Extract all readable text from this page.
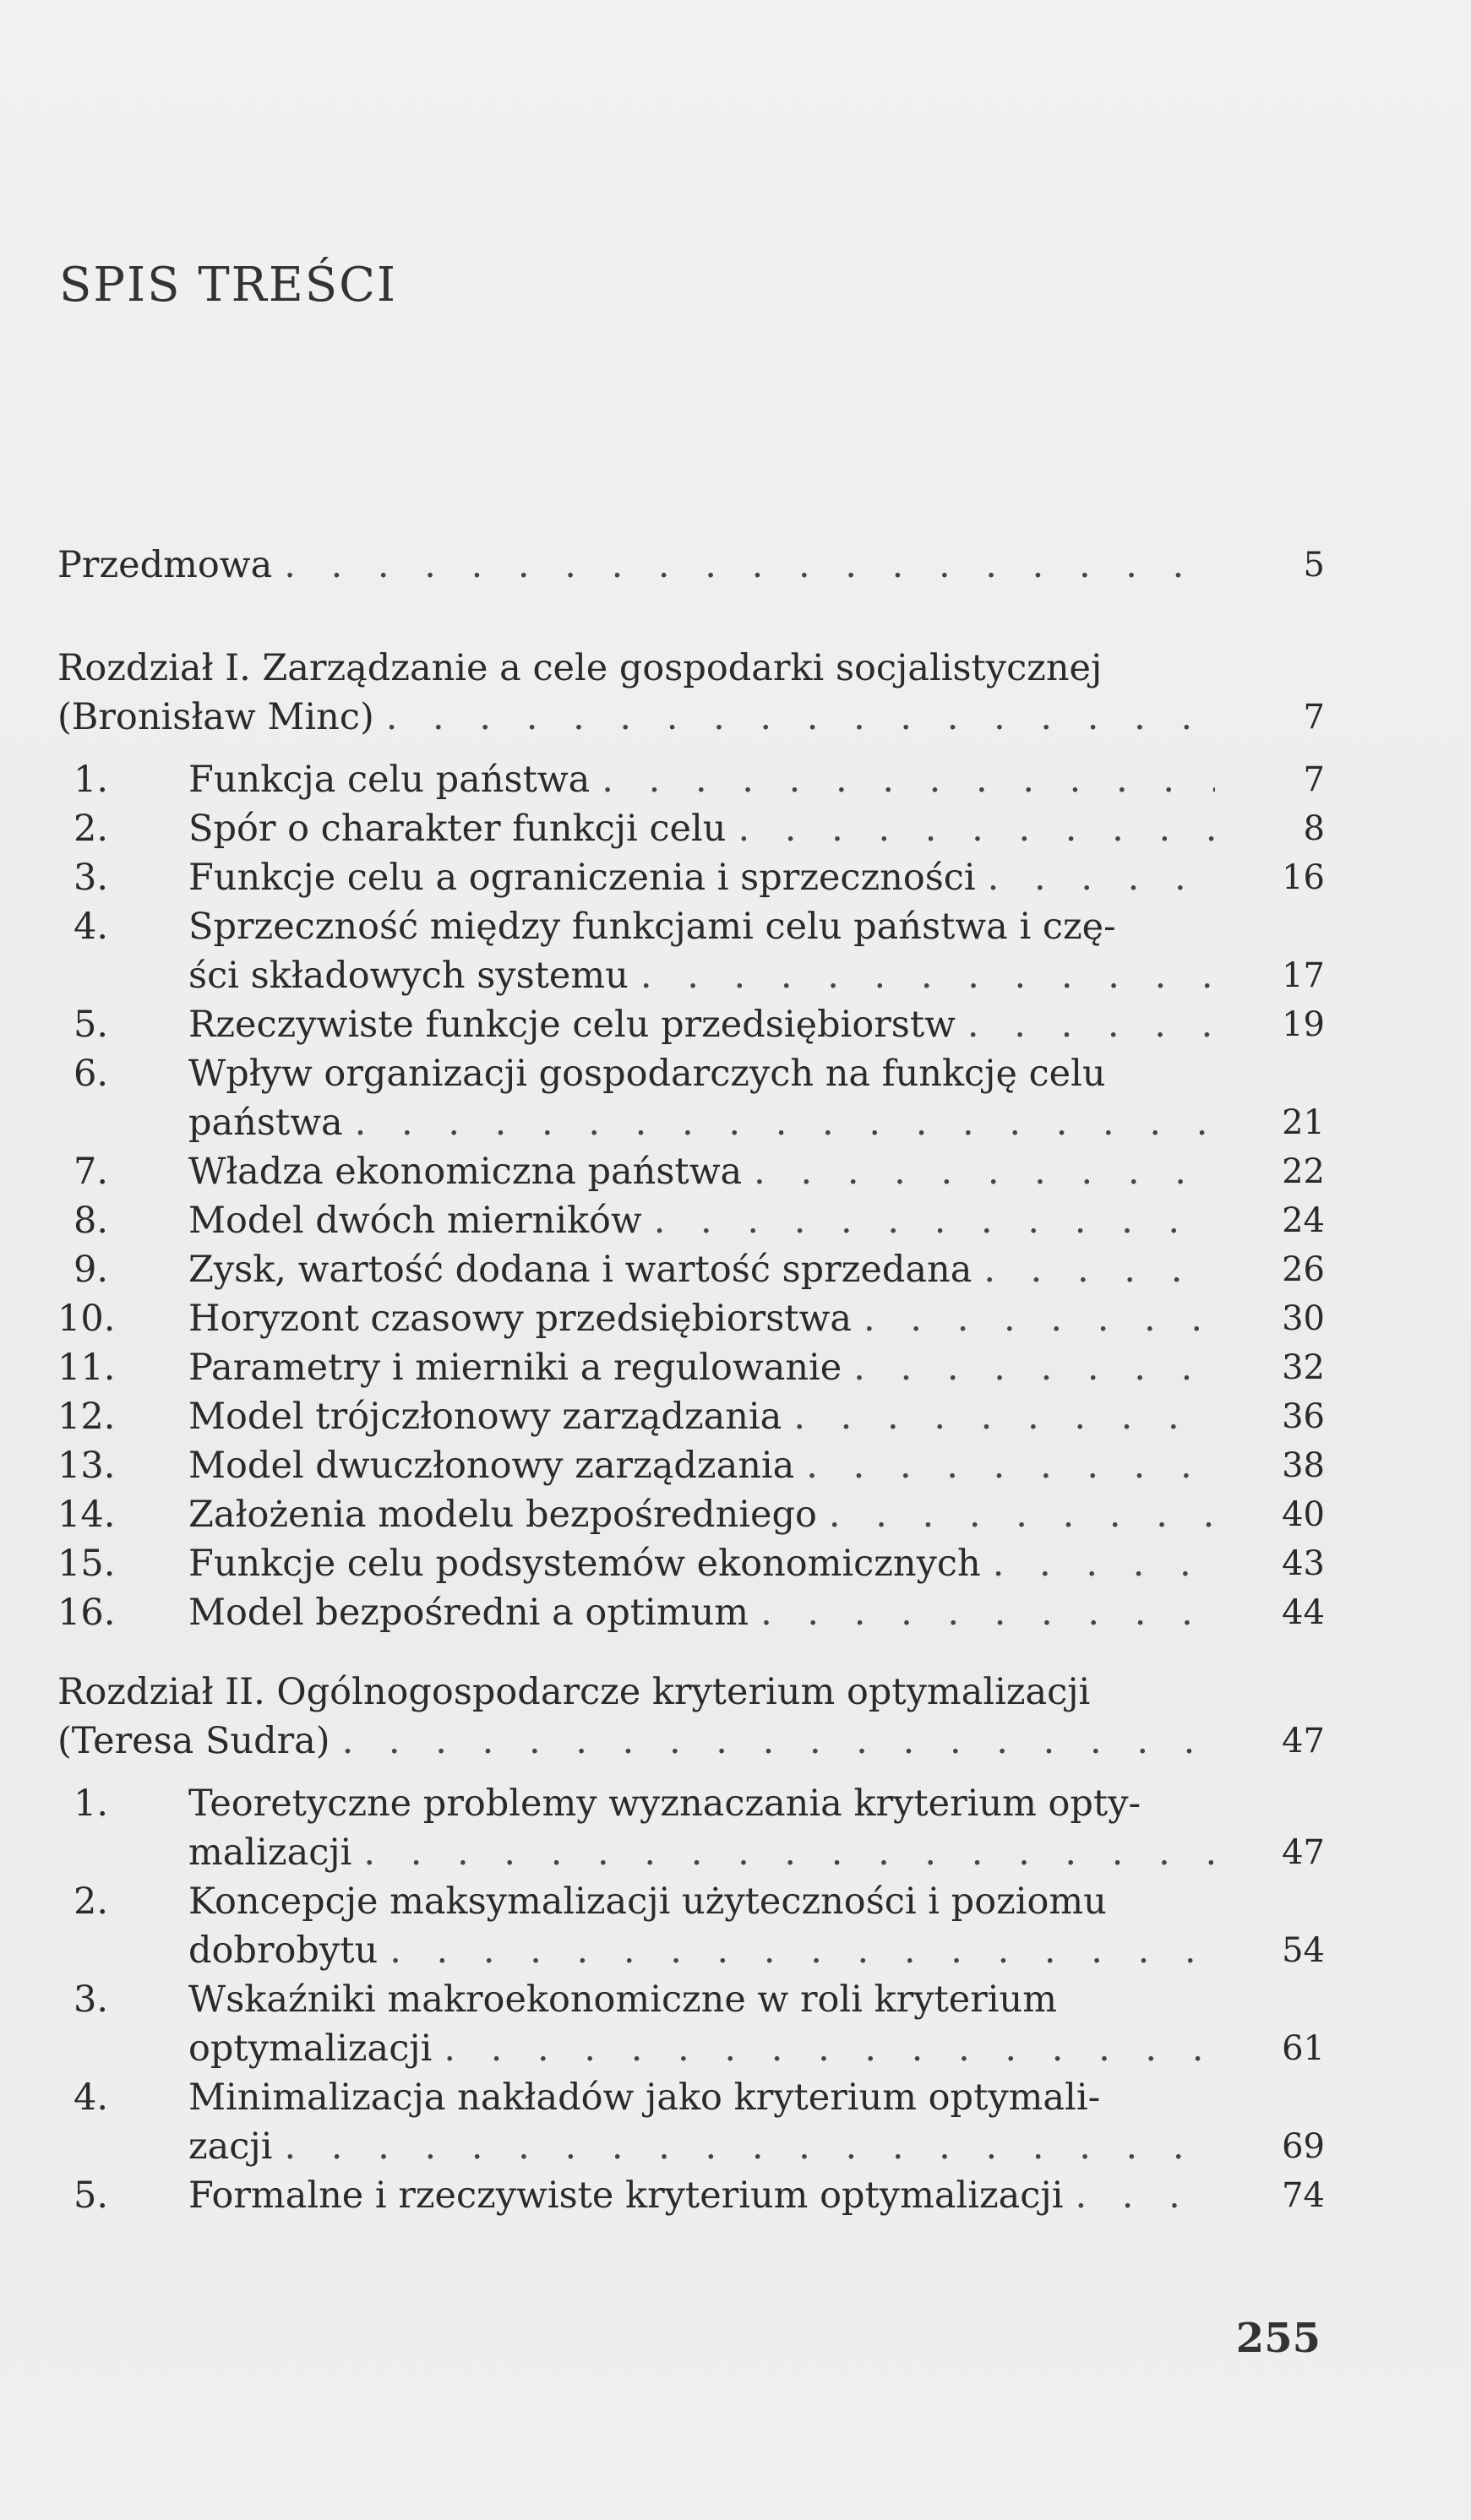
SPIS TREŚCI
Przedmowa . . .	5
Rozdział I. Zarządzanie a cele gospodarki socjalistycznej
(Bronisław Minc) . . .	7
1. Funkcja celu państwa . . .	7
2. Spór o charakter funkcji celu . . .	8
3. Funkcje celu a ograniczenia i sprzeczności . . .	16
4. Sprzeczność między funkcjami celu państwa i czę-
ści składowych systemu . . .	17
5. Rzeczywiste funkcje celu przedsiębiorstw . . .	19
6. Wpływ organizacji gospodarczych na funkcję celu
państwa . . .	21
7. Władza ekonomiczna państwa . . .	22
8. Model dwóch mierników . . .	24
9. Zysk, wartość dodana i wartość sprzedana . . .	26
10. Horyzont czasowy przedsiębiorstwa . . .	30
11. Parametry i mierniki a regulowanie . . .	32
12. Model trójczłonowy zarządzania . . .	36
13. Model dwuczłonowy zarządzania . . .	38
14. Założenia modelu bezpośredniego . . .	40
15. Funkcje celu podsystemów ekonomicznych . . .	43
16. Model bezpośredni a optimum . . .	44
Rozdział II. Ogólnogospodarcze kryterium optymalizacji
(Teresa Sudra) . . .	47
1. Teoretyczne problemy wyznaczania kryterium opty-
malizacji . . .	47
2. Koncepcje maksymalizacji użyteczności i poziomu
dobrobytu . . .	54
3. Wskaźniki makroekonomiczne w roli kryterium
optymalizacji . . .	61
4. Minimalizacja nakładów jako kryterium optymali-
zacji . . .	69
5. Formalne i rzeczywiste kryterium optymalizacji . . .	74
255
